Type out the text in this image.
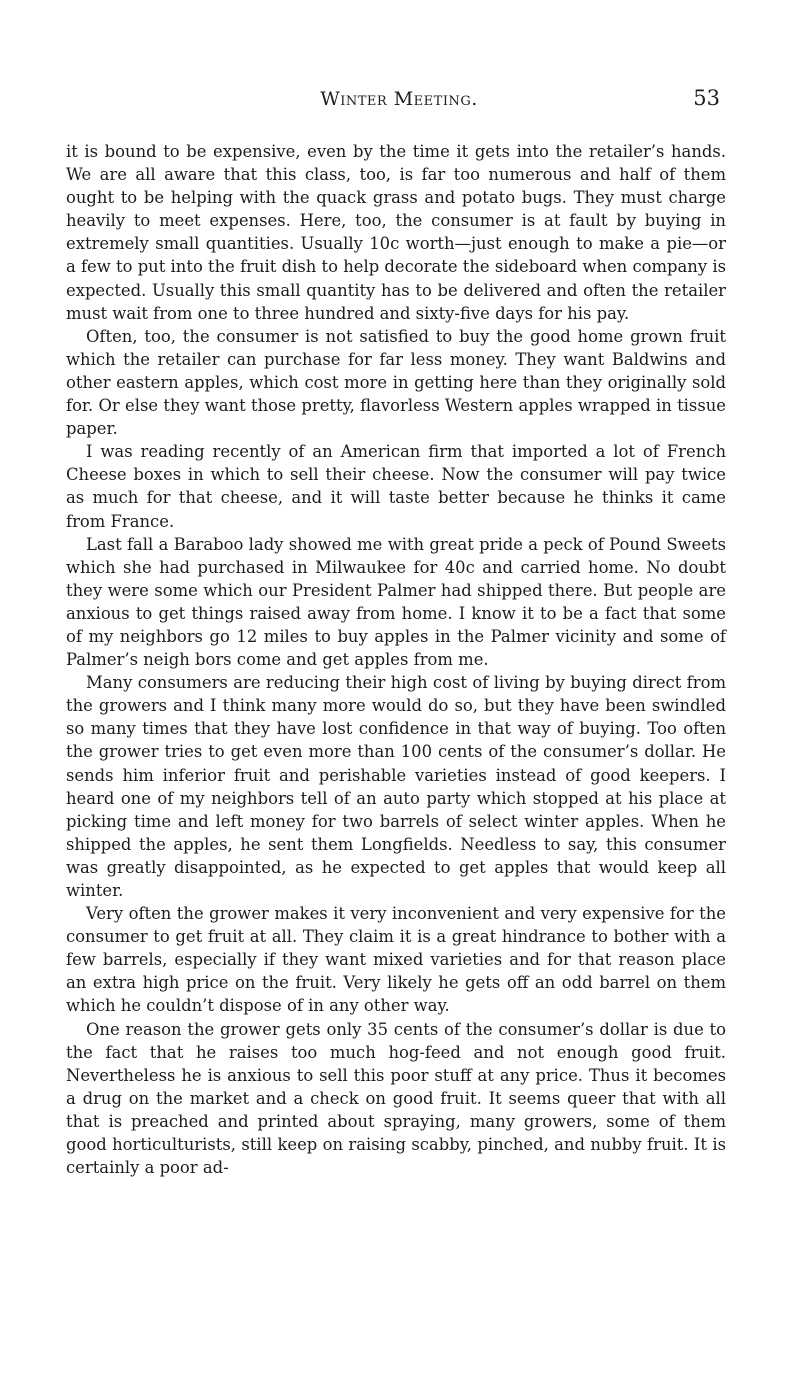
Winter Meeting.	53

it is bound to be expensive, even by the time it gets into the retailer’s hands. We are all aware that this class, too, is far too numerous and half of them ought to be helping with the quack grass and potato bugs. They must charge heavily to meet expenses. Here, too, the consumer is at fault by buying in extremely small quantities. Usually 10c worth—just enough to make a pie—or a few to put into the fruit dish to help decorate the sideboard when company is expected. Usually this small quantity has to be delivered and often the retailer must wait from one to three hundred and sixty-five days for his pay.

Often, too, the consumer is not satisfied to buy the good home grown fruit which the retailer can purchase for far less money. They want Baldwins and other eastern apples, which cost more in getting here than they originally sold for. Or else they want those pretty, flavorless Western apples wrapped in tissue paper.

I was reading recently of an American firm that imported a lot of French Cheese boxes in which to sell their cheese. Now the consumer will pay twice as much for that cheese, and it will taste better because he thinks it came from France.

Last fall a Baraboo lady showed me with great pride a peck of Pound Sweets which she had purchased in Milwaukee for 40c and carried home. No doubt they were some which our President Palmer had shipped there. But people are anxious to get things raised away from home. I know it to be a fact that some of my neighbors go 12 miles to buy apples in the Palmer vicinity and some of Palmer’s neigh bors come and get apples from me.

Many consumers are reducing their high cost of living by buying direct from the growers and I think many more would do so, but they have been swindled so many times that they have lost confidence in that way of buying. Too often the grower tries to get even more than 100 cents of the consumer’s dollar. He sends him inferior fruit and perishable varieties instead of good keepers. I heard one of my neighbors tell of an auto party which stopped at his place at picking time and left money for two barrels of select winter apples. When he shipped the apples, he sent them Longfields. Needless to say, this consumer was greatly disappointed, as he expected to get apples that would keep all winter.

Very often the grower makes it very inconvenient and very expensive for the consumer to get fruit at all. They claim it is a great hindrance to bother with a few barrels, especially if they want mixed varieties and for that reason place an extra high price on the fruit. Very likely he gets off an odd barrel on them which he couldn’t dispose of in any other way.

One reason the grower gets only 35 cents of the consumer’s dollar is due to the fact that he raises too much hog-feed and not enough good fruit. Nevertheless he is anxious to sell this poor stuff at any price. Thus it becomes a drug on the market and a check on good fruit. It seems queer that with all that is preached and printed about spraying, many growers, some of them good horticulturists, still keep on raising scabby, pinched, and nubby fruit. It is certainly a poor ad-
